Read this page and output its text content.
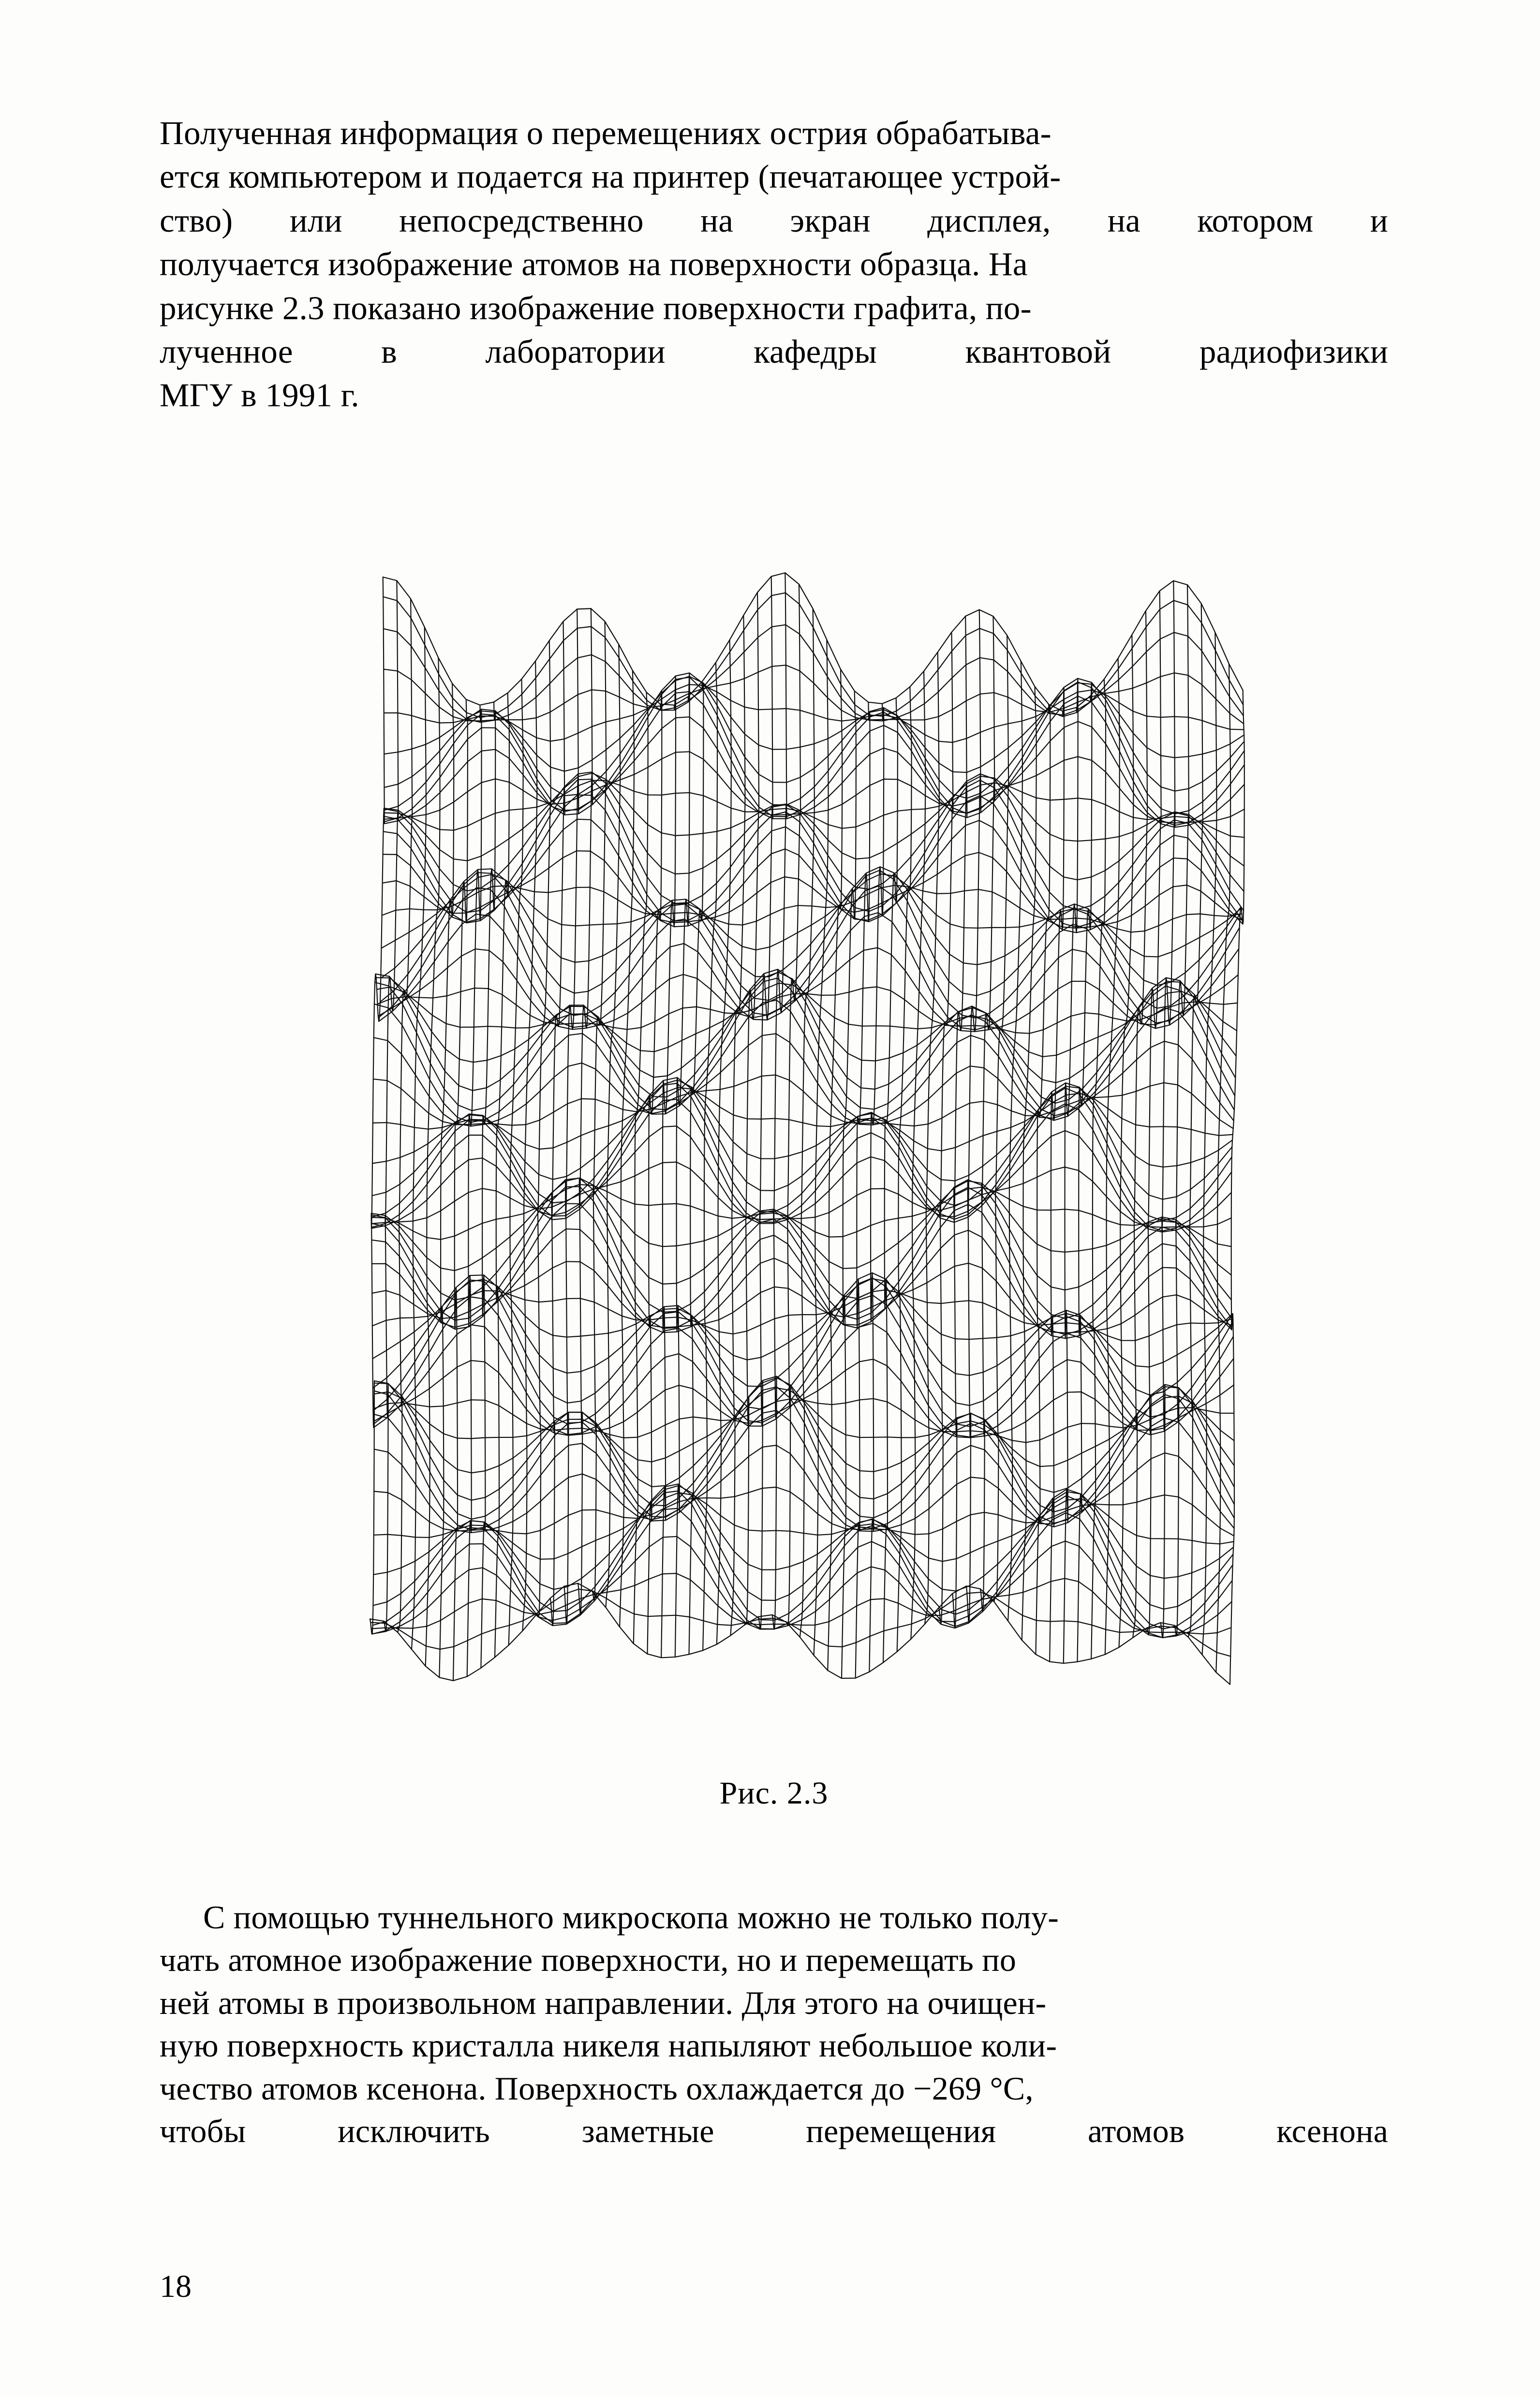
Полученная информация о перемещениях острия обрабатыва-
ется компьютером и подается на принтер (печатающее устрой-
ство) или непосредственно на экран дисплея, на котором и
получается изображение атомов на поверхности образца. На
рисунке 2.3 показано изображение поверхности графита, по-
лученное	в	лаборатории	кафедры	квантовой	радиофизики
МГУ в 1991 г.
Рис. 2.3
С помощью туннельного микроскопа можно не только полу-
чать атомное изображение поверхности, но и перемещать по
ней атомы в произвольном направлении. Для этого на очищен-
ную поверхность кристалла никеля напыляют небольшое коли-
чество атомов ксенона. Поверхность охлаждается до −269 °C,
чтобы	исключить	заметные	перемещения	атомов	ксенона
18
